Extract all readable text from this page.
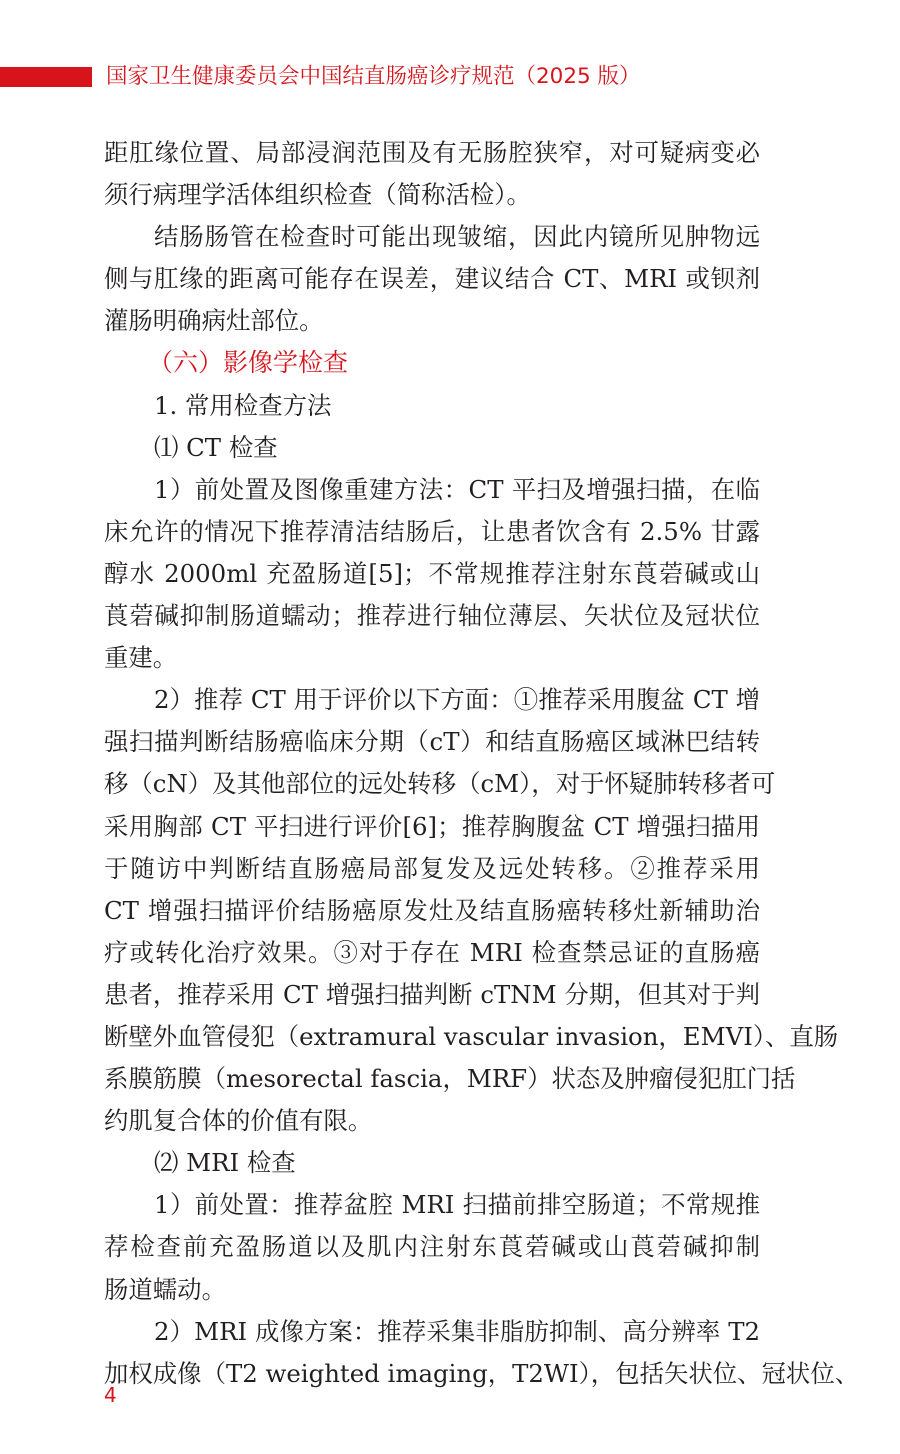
国家卫生健康委员会中国结直肠癌诊疗规范（2025 版）
距肛缘位置、局部浸润范围及有无肠腔狭窄，对可疑病变必
须行病理学活体组织检查（简称活检）。
结肠肠管在检查时可能出现皱缩，因此内镜所见肿物远
侧与肛缘的距离可能存在误差，建议结合 CT、MRI 或钡剂
灌肠明确病灶部位。
（六）影像学检查
1. 常用检查方法
⑴ CT 检查
1）前处置及图像重建方法：CT 平扫及增强扫描，在临
床允许的情况下推荐清洁结肠后，让患者饮含有 2.5% 甘露
醇水 2000ml 充盈肠道[5]；不常规推荐注射东莨菪碱或山
莨菪碱抑制肠道蠕动；推荐进行轴位薄层、矢状位及冠状位
重建。
2）推荐 CT 用于评价以下方面：①推荐采用腹盆 CT 增
强扫描判断结肠癌临床分期（cT）和结直肠癌区域淋巴结转
移（cN）及其他部位的远处转移（cM），对于怀疑肺转移者可
采用胸部 CT 平扫进行评价[6]；推荐胸腹盆 CT 增强扫描用
于随访中判断结直肠癌局部复发及远处转移。②推荐采用
CT 增强扫描评价结肠癌原发灶及结直肠癌转移灶新辅助治
疗或转化治疗效果。③对于存在 MRI 检查禁忌证的直肠癌
患者，推荐采用 CT 增强扫描判断 cTNM 分期，但其对于判
断壁外血管侵犯（extramural vascular invasion，EMVI）、直肠
系膜筋膜（mesorectal fascia，MRF）状态及肿瘤侵犯肛门括
约肌复合体的价值有限。
⑵ MRI 检查
1）前处置：推荐盆腔 MRI 扫描前排空肠道；不常规推
荐检查前充盈肠道以及肌内注射东莨菪碱或山莨菪碱抑制
肠道蠕动。
2）MRI 成像方案：推荐采集非脂肪抑制、高分辨率 T2
加权成像（T2 weighted imaging，T2WI），包括矢状位、冠状位、
4
